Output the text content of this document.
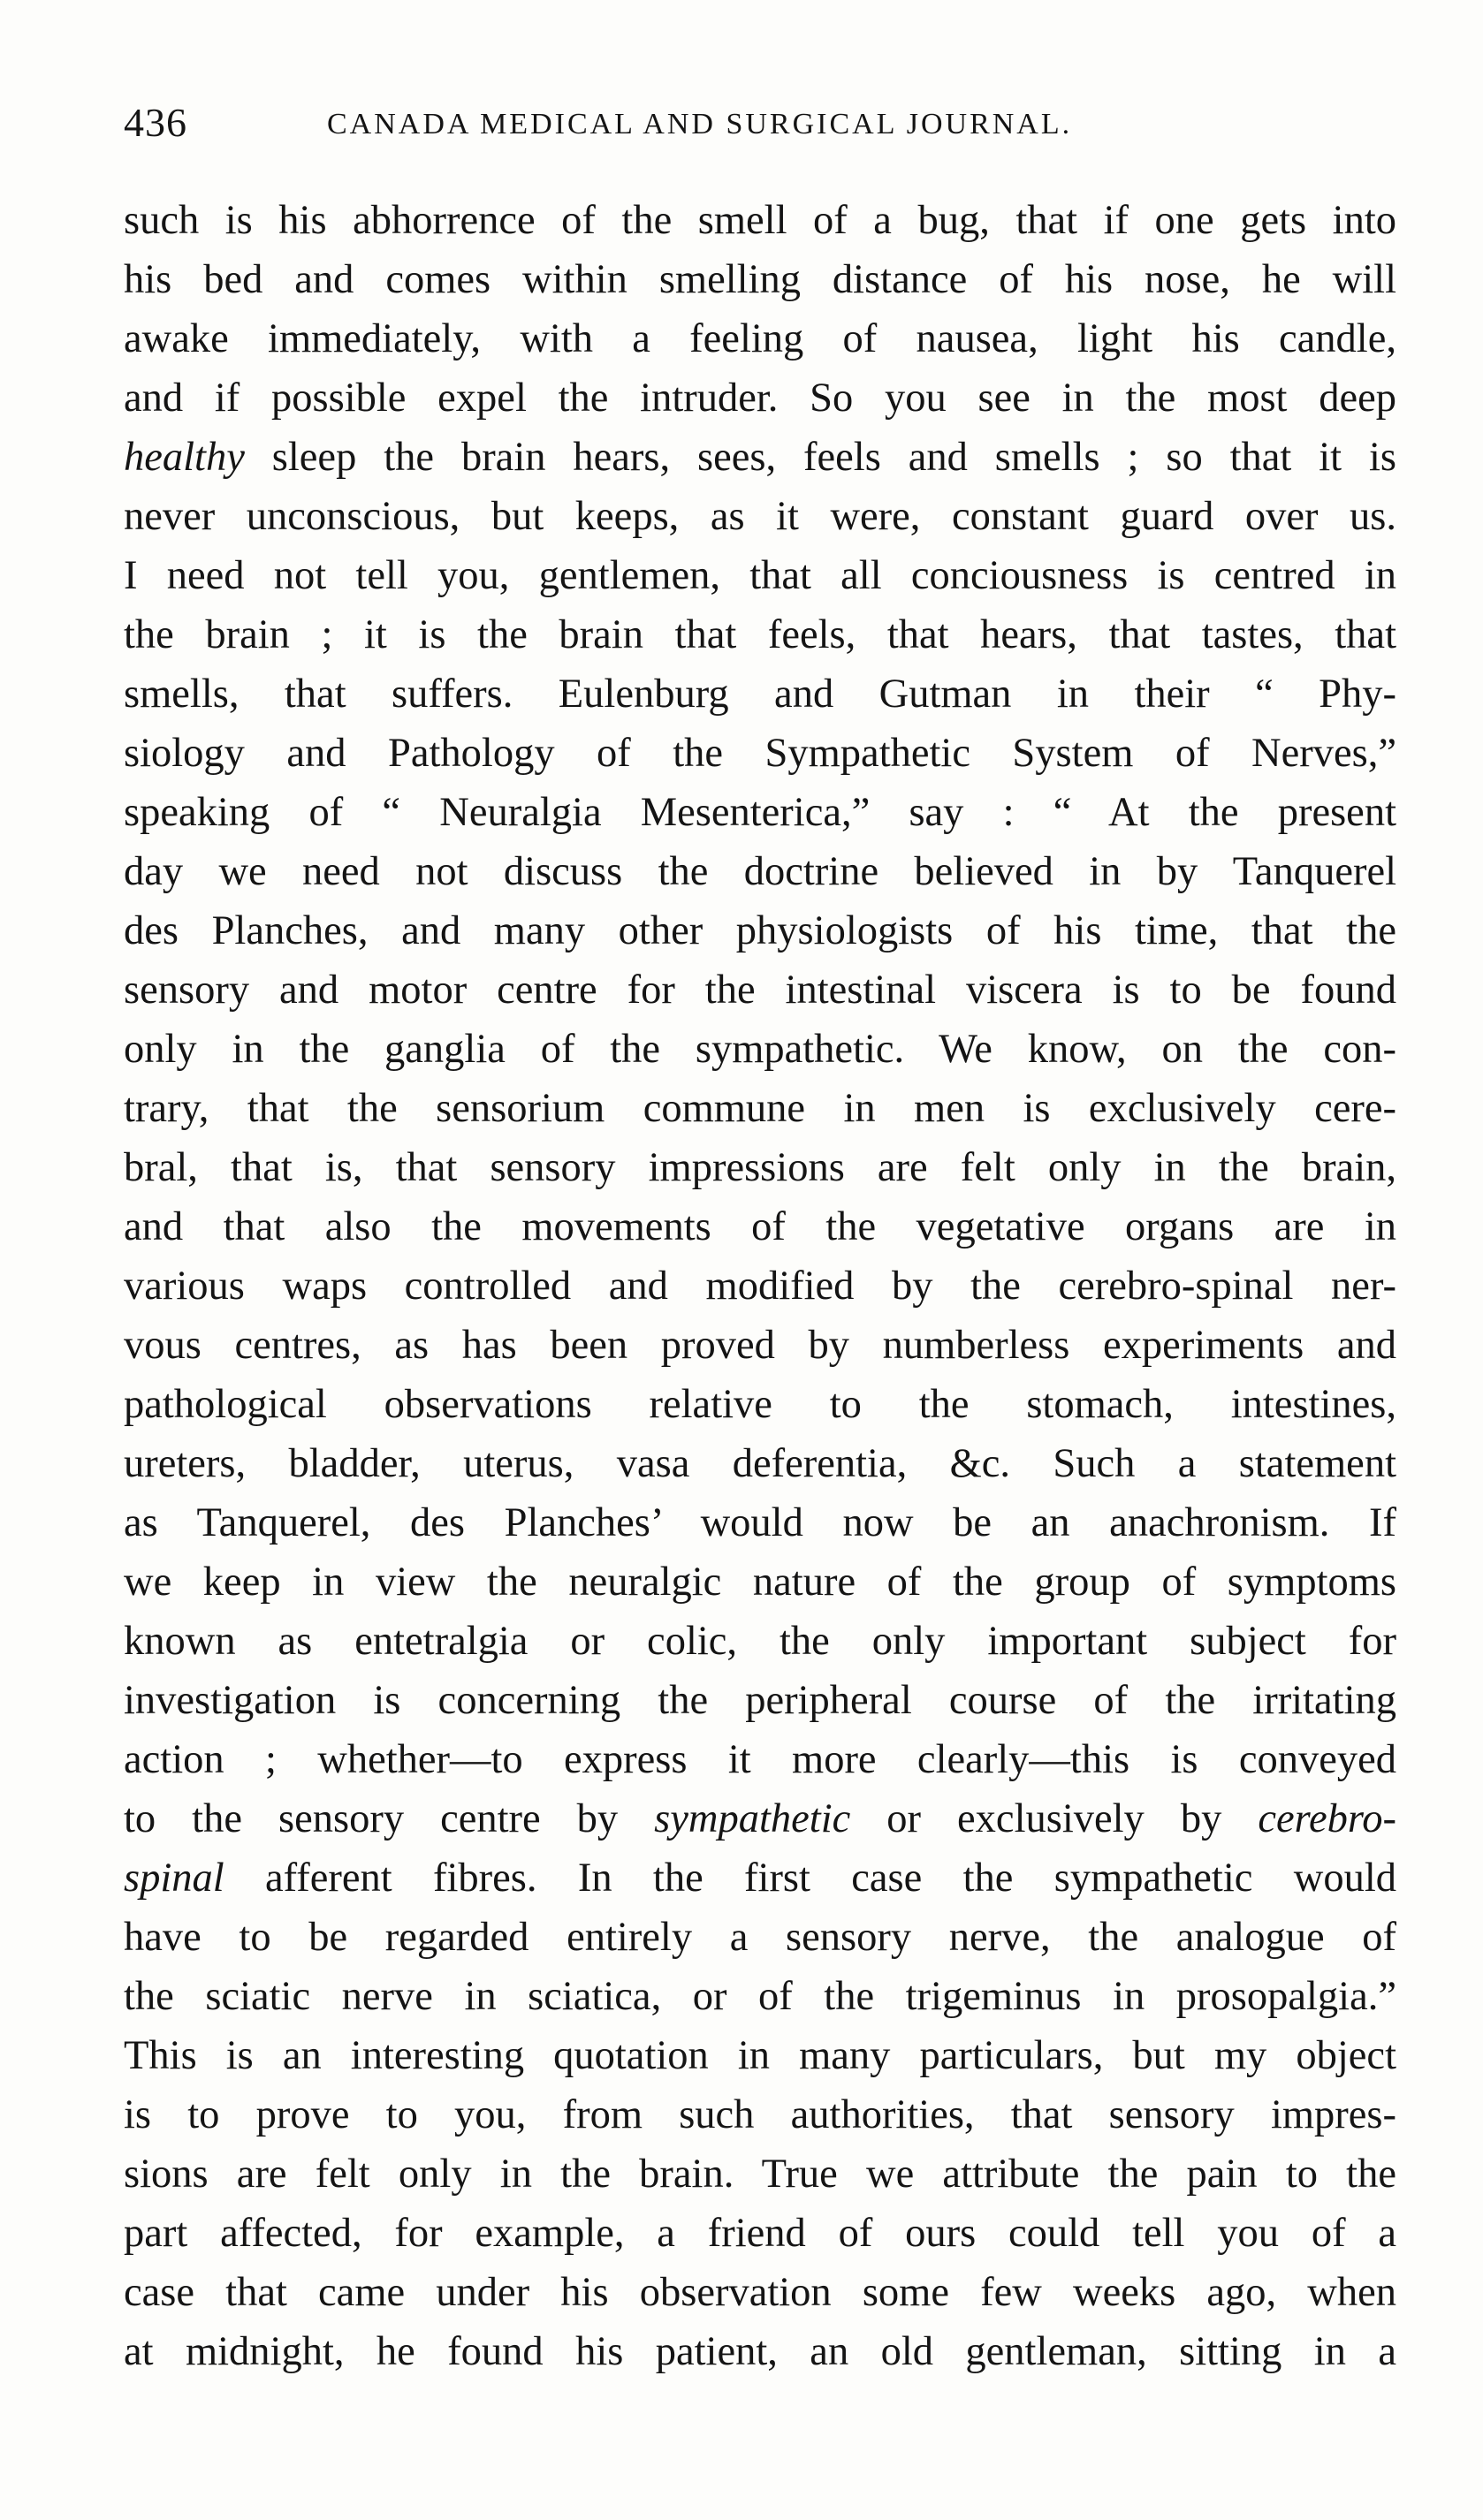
436	CANADA MEDICAL AND SURGICAL JOURNAL.
such is his abhorrence of the smell of a bug, that if one gets into
his bed and comes within smelling distance of his nose, he will
awake immediately, with a feeling of nausea, light his candle,
and if possible expel the intruder. So you see in the most deep
healthy sleep the brain hears, sees, feels and smells ; so that it is
never unconscious, but keeps, as it were, constant guard over us.
I need not tell you, gentlemen, that all conciousness is centred in
the brain ; it is the brain that feels, that hears, that tastes, that
smells, that suffers. Eulenburg and Gutman in their “ Phy-
siology and Pathology of the Sympathetic System of Nerves,”
speaking of “ Neuralgia Mesenterica,” say : “ At the present
day we need not discuss the doctrine believed in by Tanquerel
des Planches, and many other physiologists of his time, that the
sensory and motor centre for the intestinal viscera is to be found
only in the ganglia of the sympathetic. We know, on the con-
trary, that the sensorium commune in men is exclusively cere-
bral, that is, that sensory impressions are felt only in the brain,
and that also the movements of the vegetative organs are in
various waps controlled and modified by the cerebro-spinal ner-
vous centres, as has been proved by numberless experiments and
pathological observations relative to the stomach, intestines,
ureters, bladder, uterus, vasa deferentia, &c. Such a statement
as Tanquerel, des Planches’ would now be an anachronism. If
we keep in view the neuralgic nature of the group of symptoms
known as entetralgia or colic, the only important subject for
investigation is concerning the peripheral course of the irritating
action ; whether—to express it more clearly—this is conveyed
to the sensory centre by sympathetic or exclusively by cerebro-
spinal afferent fibres. In the first case the sympathetic would
have to be regarded entirely a sensory nerve, the analogue of
the sciatic nerve in sciatica, or of the trigeminus in prosopalgia.”
This is an interesting quotation in many particulars, but my object
is to prove to you, from such authorities, that sensory impres-
sions are felt only in the brain. True we attribute the pain to the
part affected, for example, a friend of ours could tell you of a
case that came under his observation some few weeks ago, when
at midnight, he found his patient, an old gentleman, sitting in a
